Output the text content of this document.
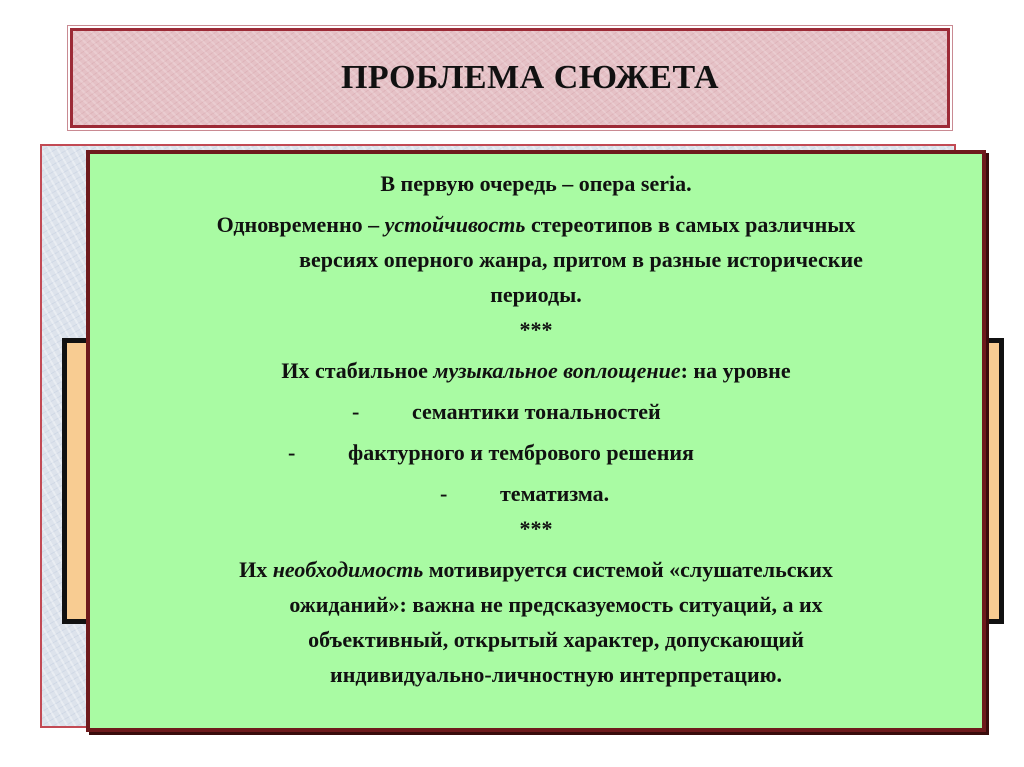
ПРОБЛЕМА СЮЖЕТА
В первую очередь – опера seria.
Одновременно – устойчивость стереотипов в самых различных
версиях оперного жанра, притом в разные исторические
периоды.
***
Их стабильное музыкальное воплощение: на уровне
- семантики тональностей
- фактурного и тембрового решения
- тематизма.
***
Их необходимость мотивируется системой «слушательских
ожиданий»: важна не предсказуемость ситуаций, а их
объективный, открытый характер, допускающий
индивидуально-личностную интерпретацию.
